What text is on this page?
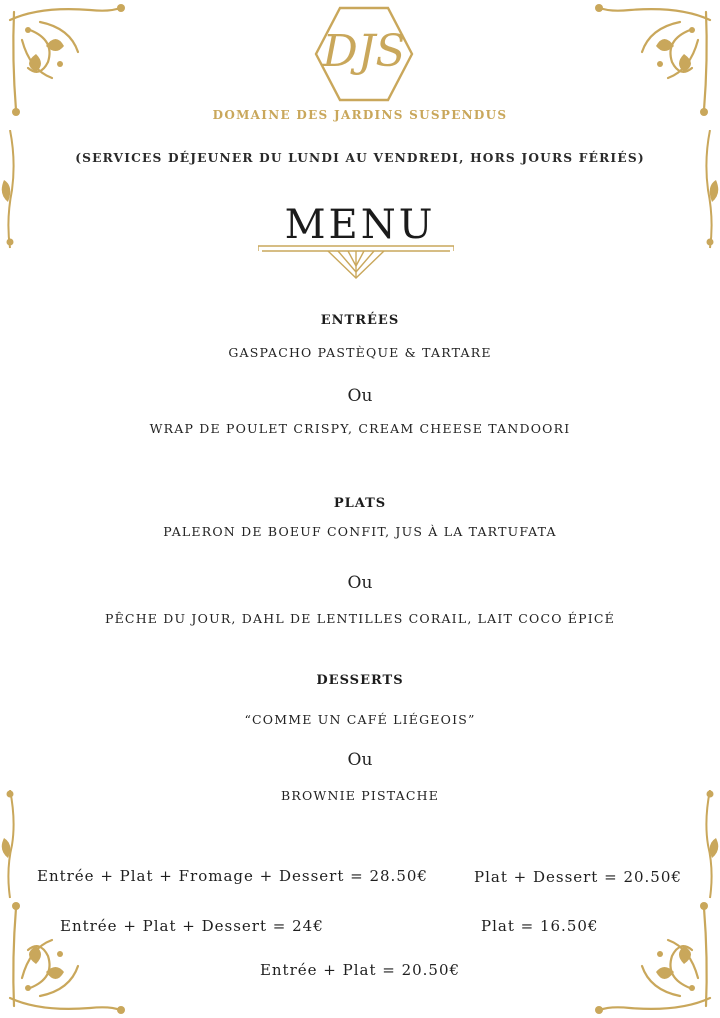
DJS
DOMAINE DES JARDINS SUSPENDUS
(SERVICES DÉJEUNER DU LUNDI AU VENDREDI, HORS JOURS FÉRIÉS)
MENU
ENTRÉES
GASPACHO PASTÈQUE & TARTARE
Ou
WRAP DE POULET CRISPY, CREAM CHEESE TANDOORI
PLATS
PALERON DE BOEUF CONFIT, JUS À LA TARTUFATA
Ou
PÊCHE DU JOUR, DAHL DE LENTILLES CORAIL, LAIT COCO ÉPICÉ
DESSERTS
“COMME UN CAFÉ LIÉGEOIS”
Ou
BROWNIE PISTACHE
Entrée + Plat + Fromage + Dessert = 28.50€	Plat + Dessert = 20.50€
Entrée + Plat + Dessert = 24€	Plat = 16.50€
Entrée + Plat = 20.50€
